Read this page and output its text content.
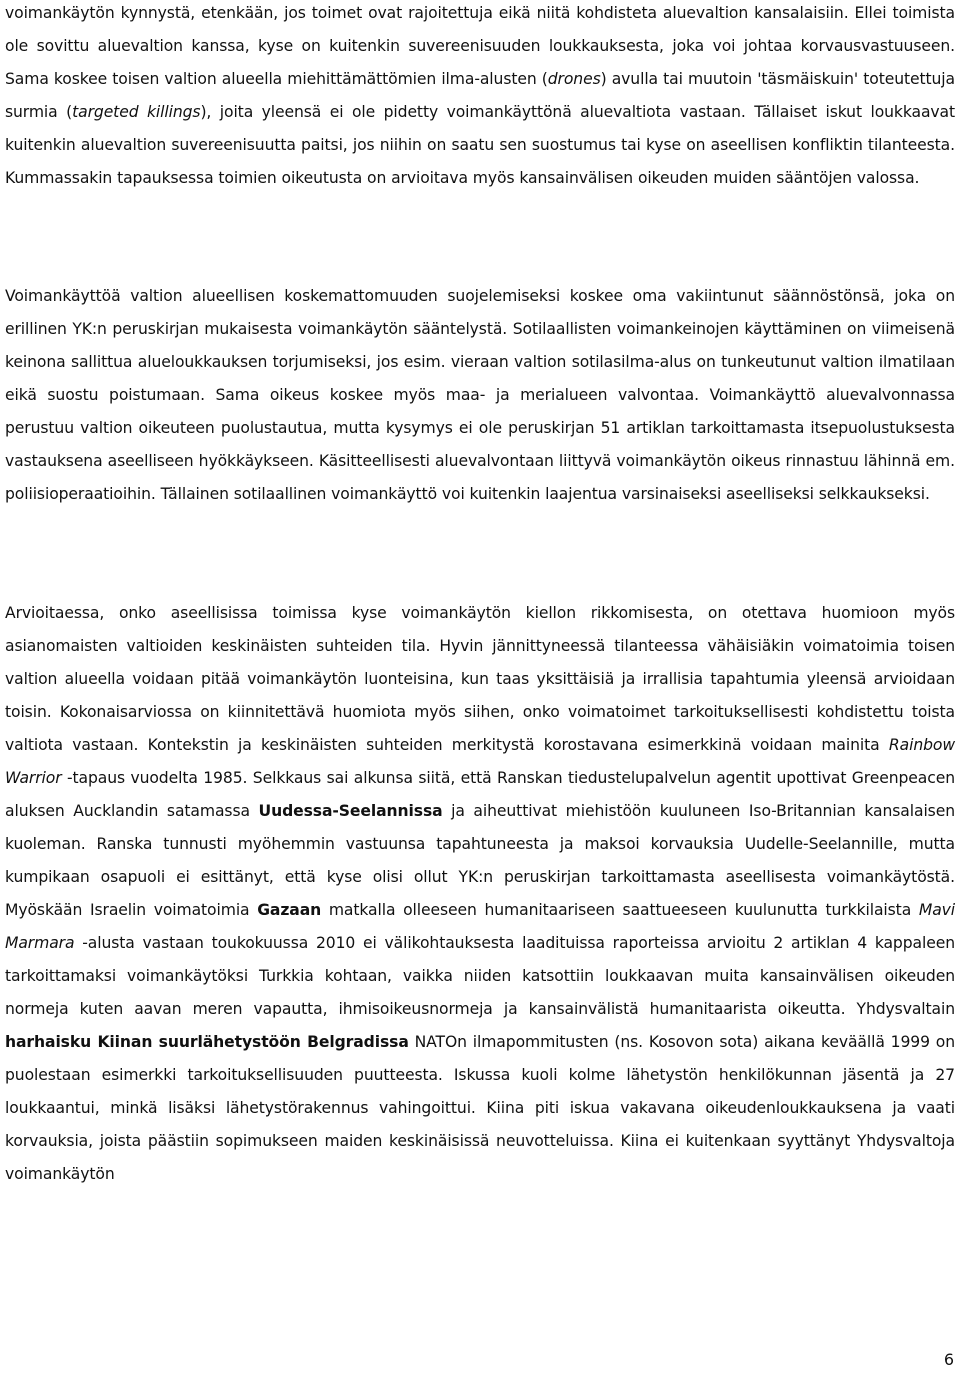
voimankäytön kynnystä, etenkään, jos toimet ovat rajoitettuja eikä niitä kohdisteta aluevaltion kansalaisiin. Ellei toimista ole sovittu aluevaltion kanssa, kyse on kuitenkin suvereenisuuden loukkauksesta, joka voi johtaa korvausvastuuseen. Sama koskee toisen valtion alueella miehittämättömien ilma-alusten (drones) avulla tai muutoin 'täsmäiskuin' toteutettuja surmia (targeted killings), joita yleensä ei ole pidetty voimankäyttönä aluevaltiota vastaan. Tällaiset iskut loukkaavat kuitenkin aluevaltion suvereenisuutta paitsi, jos niihin on saatu sen suostumus tai kyse on aseellisen konfliktin tilanteesta. Kummassakin tapauksessa toimien oikeutusta on arvioitava myös kansainvälisen oikeuden muiden sääntöjen valossa.

Voimankäyttöä valtion alueellisen koskemattomuuden suojelemiseksi koskee oma vakiintunut säännöstönsä, joka on erillinen YK:n peruskirjan mukaisesta voimankäytön sääntelystä. Sotilaallisten voimankeinojen käyttäminen on viimeisenä keinona sallittua alueloukkauksen torjumiseksi, jos esim. vieraan valtion sotilasilma-alus on tunkeutunut valtion ilmatilaan eikä suostu poistumaan. Sama oikeus koskee myös maa- ja merialueen valvontaa. Voimankäyttö aluevalvonnassa perustuu valtion oikeuteen puolustautua, mutta kysymys ei ole peruskirjan 51 artiklan tarkoittamasta itsepuolustuksesta vastauksena aseelliseen hyökkäykseen. Käsitteellisesti aluevalvontaan liittyvä voimankäytön oikeus rinnastuu lähinnä em. poliisioperaatioihin. Tällainen sotilaallinen voimankäyttö voi kuitenkin laajentua varsinaiseksi aseelliseksi selkkaukseksi.

Arvioitaessa, onko aseellisissa toimissa kyse voimankäytön kiellon rikkomisesta, on otettava huomioon myös asianomaisten valtioiden keskinäisten suhteiden tila. Hyvin jännittyneessä tilanteessa vähäisiäkin voimatoimia toisen valtion alueella voidaan pitää voimankäytön luonteisina, kun taas yksittäisiä ja irrallisia tapahtumia yleensä arvioidaan toisin. Kokonaisarviossa on kiinnitettävä huomiota myös siihen, onko voimatoimet tarkoituksellisesti kohdistettu toista valtiota vastaan. Kontekstin ja keskinäisten suhteiden merkitystä korostavana esimerkkinä voidaan mainita Rainbow Warrior -tapaus vuodelta 1985. Selkkaus sai alkunsa siitä, että Ranskan tiedustelupalvelun agentit upottivat Greenpeacen aluksen Aucklandin satamassa Uudessa-Seelannissa ja aiheuttivat miehistöön kuuluneen Iso-Britannian kansalaisen kuoleman. Ranska tunnusti myöhemmin vastuunsa tapahtuneesta ja maksoi korvauksia Uudelle-Seelannille, mutta kumpikaan osapuoli ei esittänyt, että kyse olisi ollut YK:n peruskirjan tarkoittamasta aseellisesta voimankäytöstä. Myöskään Israelin voimatoimia Gazaan matkalla olleeseen humanitaariseen saattueeseen kuulunutta turkkilaista Mavi Marmara -alusta vastaan toukokuussa 2010 ei välikohtauksesta laadituissa raporteissa arvioitu 2 artiklan 4 kappaleen tarkoittamaksi voimankäytöksi Turkkia kohtaan, vaikka niiden katsottiin loukkaavan muita kansainvälisen oikeuden normeja kuten aavan meren vapautta, ihmisoikeusnormeja ja kansainvälistä humanitaarista oikeutta. Yhdysvaltain harhaisku Kiinan suurlähetystöön Belgradissa NATOn ilmapommitusten (ns. Kosovon sota) aikana keväällä 1999 on puolestaan esimerkki tarkoituksellisuuden puutteesta. Iskussa kuoli kolme lähetystön henkilökunnan jäsentä ja 27 loukkaantui, minkä lisäksi lähetystörakennus vahingoittui. Kiina piti iskua vakavana oikeudenloukkauksena ja vaati korvauksia, joista päästiin sopimukseen maiden keskinäisissä neuvotteluissa. Kiina ei kuitenkaan syyttänyt Yhdysvaltoja voimankäytön

6
